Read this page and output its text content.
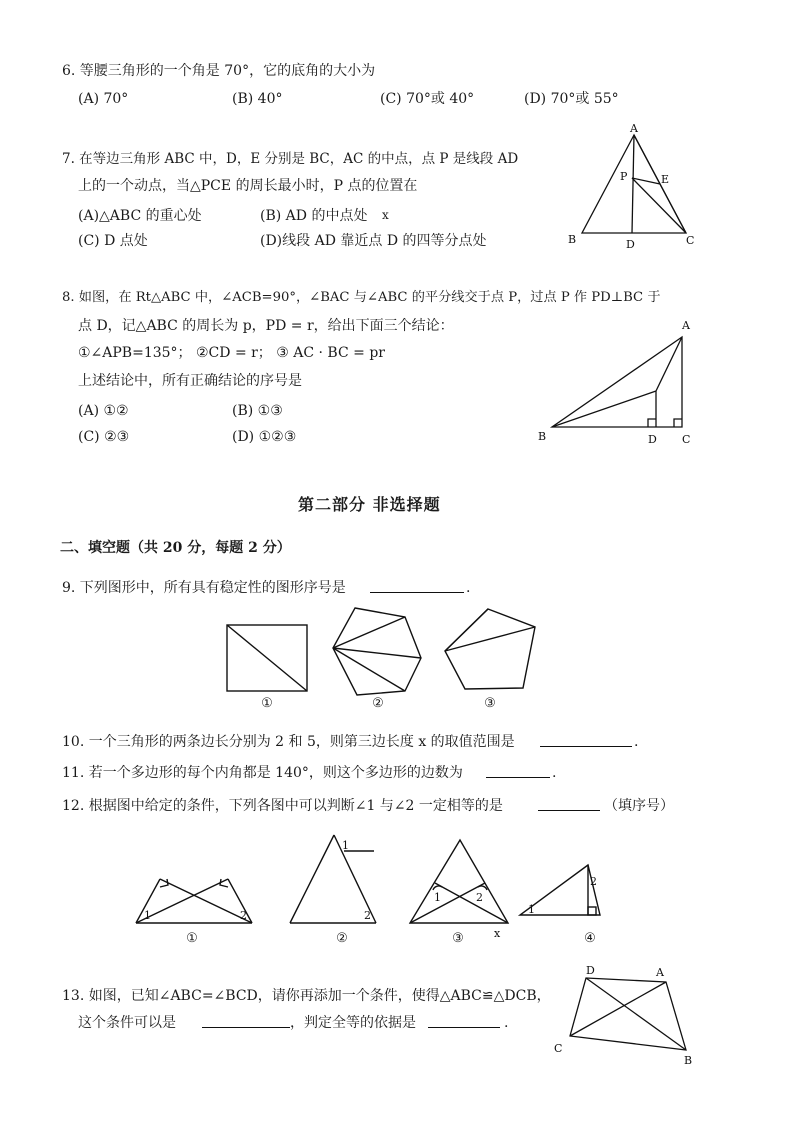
6. 等腰三角形的一个角是 70°，它的底角的大小为
(A) 70°	(B) 40°	(C) 70°或 40°	(D) 70°或 55°
7. 在等边三角形 ABC 中，D，E 分别是 BC，AC 的中点，点 P 是线段 AD
上的一个动点，当△PCE 的周长最小时，P 点的位置在
(A)△ABC 的重心处	(B) AD 的中点处 x
(C) D 点处	(D)线段 AD 靠近点 D 的四等分点处
A
P	E
B	D	C
8. 如图，在 Rt△ABC 中，∠ACB=90°，∠BAC 与∠ABC 的平分线交于点 P，过点 P 作 PD⊥BC 于
点 D，记△ABC 的周长为 p，PD = r，给出下面三个结论：
①∠APB=135°； ②CD = r； ③ AC · BC = pr
上述结论中，所有正确结论的序号是
(A) ①②	(B) ①③
(C) ②③	(D) ①②③
A
B	D C
第二部分 非选择题
二、填空题（共 20 分，每题 2 分）
9. 下列图形中，所有具有稳定性的图形序号是	.
①	②	③
10. 一个三角形的两条边长分别为 2 和 5，则第三边长度 x 的取值范围是	.
11. 若一个多边形的每个内角都是 140°，则这个多边形的边数为	.
12. 根据图中给定的条件，下列各图中可以判断∠1 与∠2 一定相等的是	（填序号）
1	2
1
2
1	2
1
2
x
①	②	③	④
13. 如图，已知∠ABC=∠BCD，请你再添加一个条件，使得△ABC≌△DCB，
这个条件可以是	，判定全等的依据是	.
D	A
C
B
